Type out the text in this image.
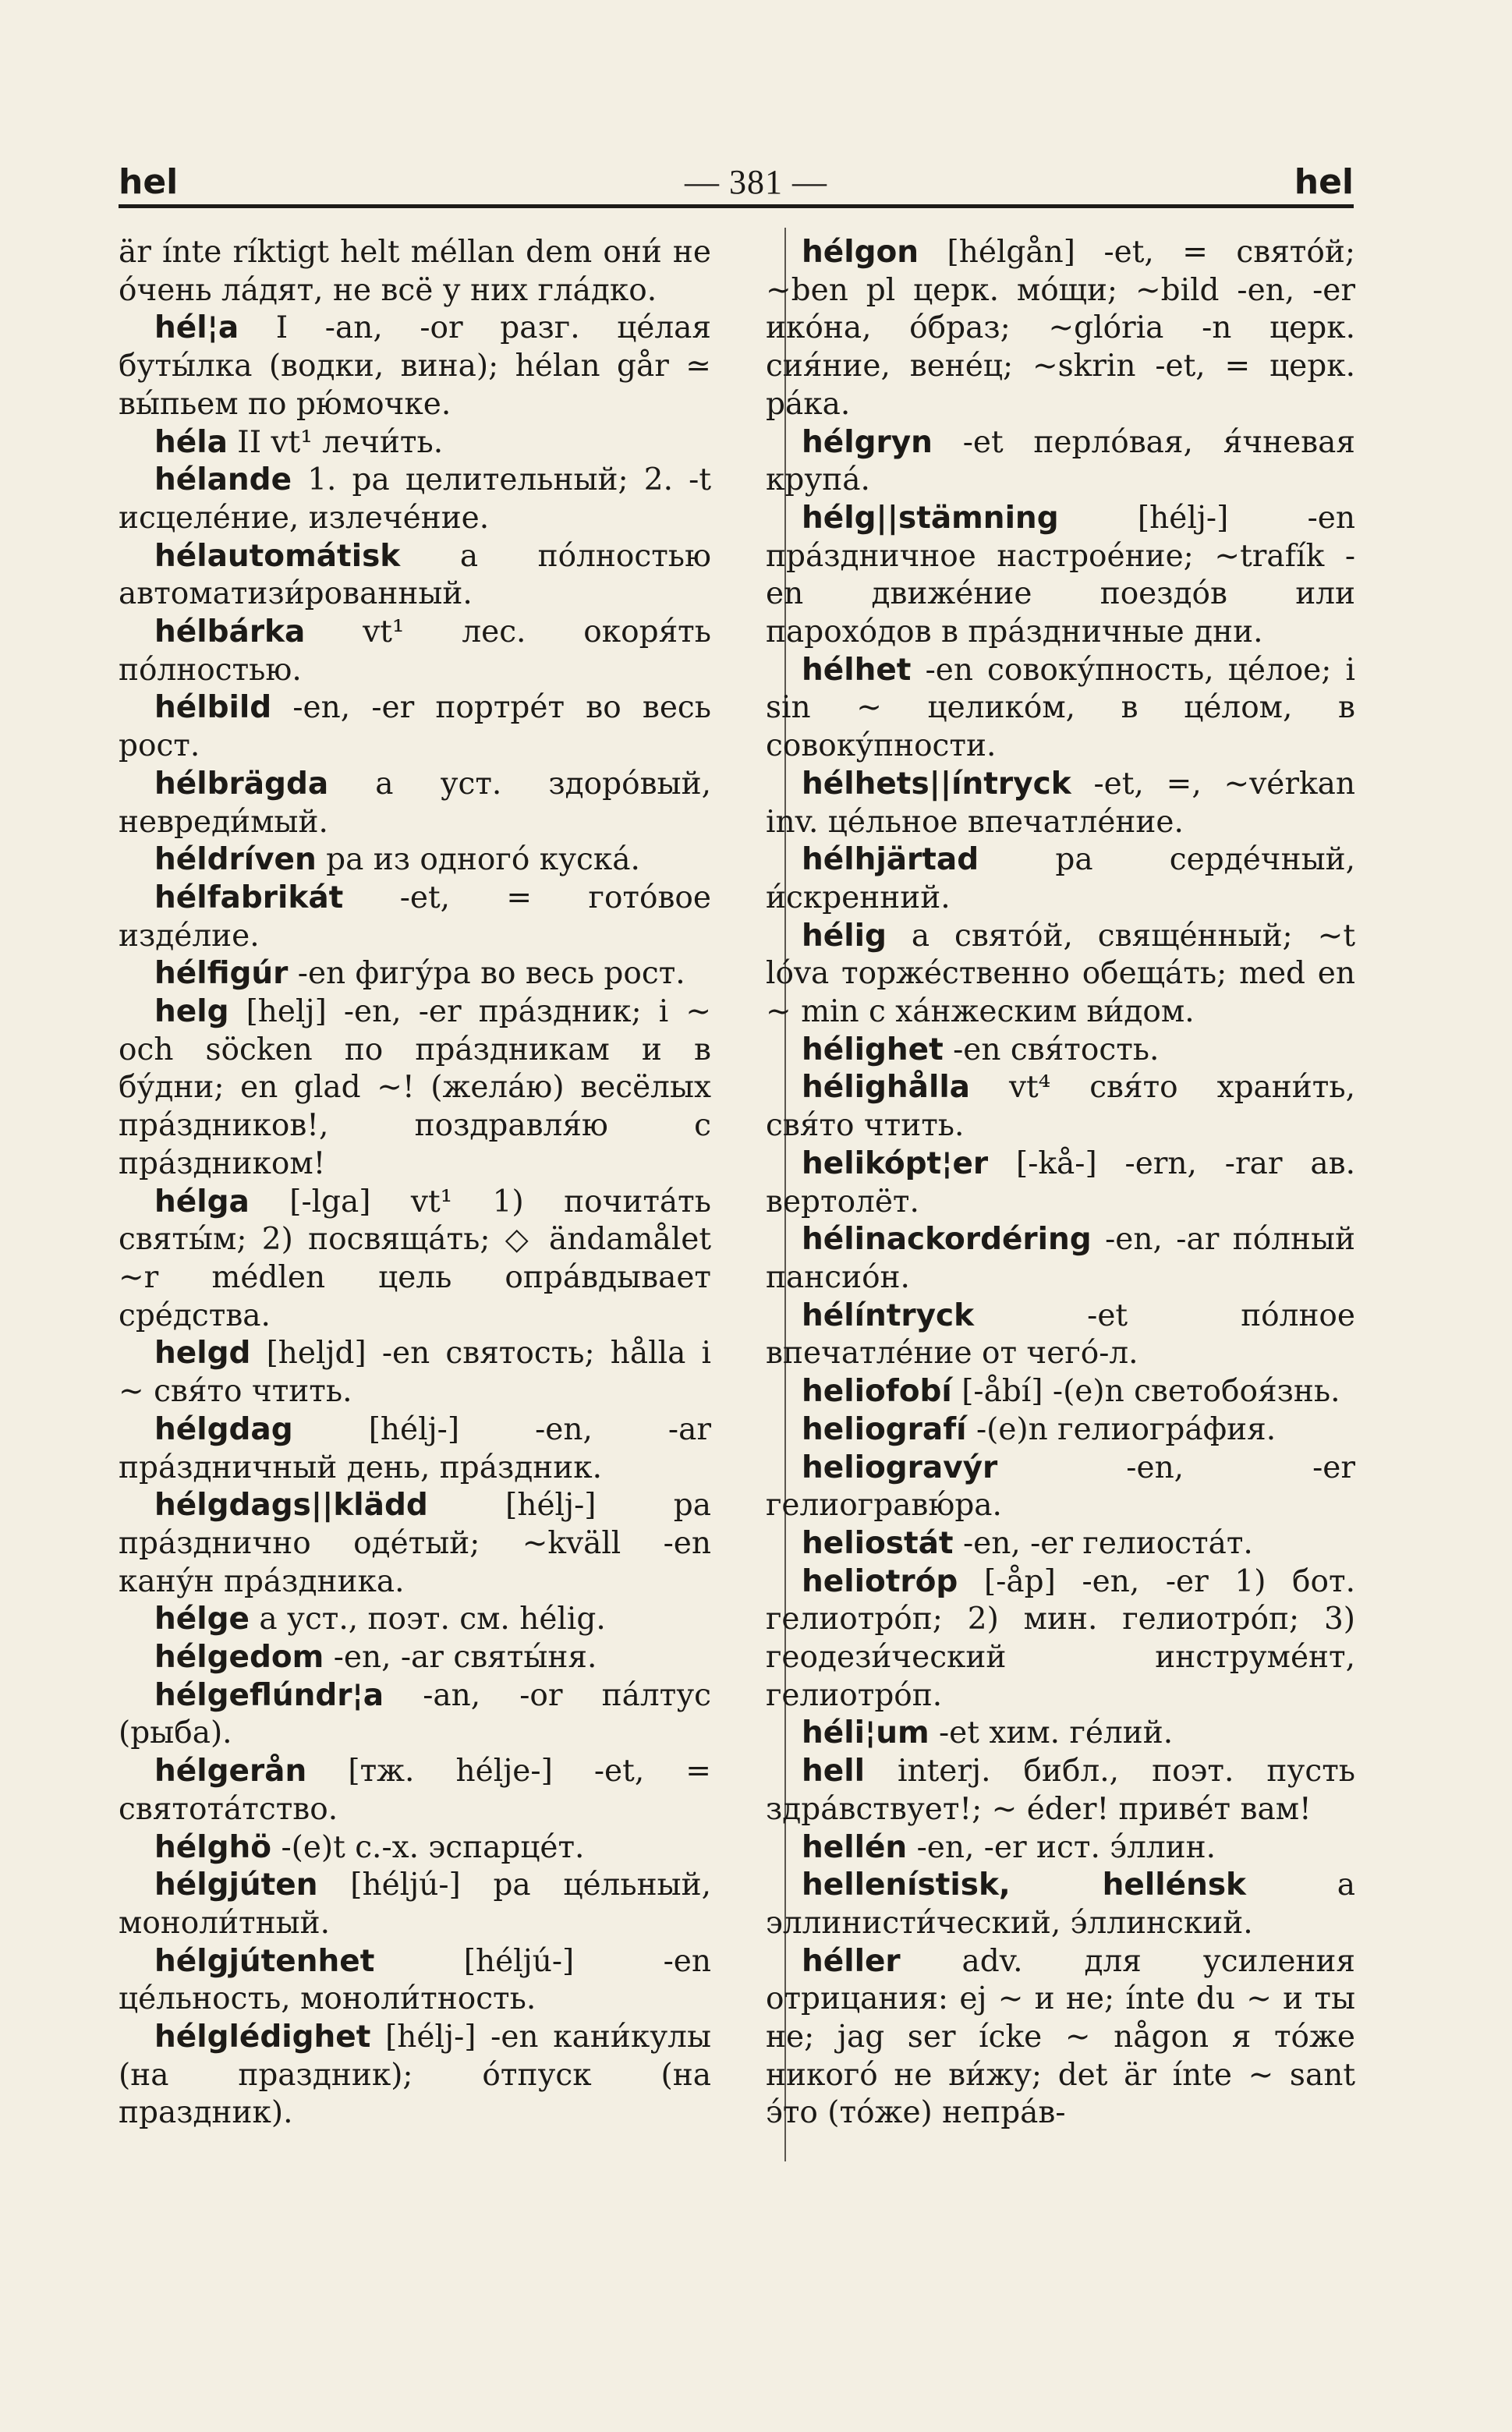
hel	— 381 —	hel

är ínte ríktigt helt méllan dem они́ не о́чень ла́дят, не всё у них гла́дко.

hél¦a I -an, -or разг. це́лая буты́лка (водки, вина); hélan går ≃ вы́пьем по рю́мочке.

héla II vt¹ лечи́ть.

hélande 1. pa целительный; 2. -t исцеле́ние, излече́ние.

hélautomátisk a по́лностью автоматизи́рованный.

hélbárka vt¹ лес. окоря́ть по́лностью.

hélbild -en, -er портре́т во весь рост.

hélbrägda a уст. здоро́вый, невреди́мый.

héldríven pa из одного́ куска́.

hélfabrikát -et, = гото́вое изде́лие.

hélfigúr -en фигу́ра во весь рост.

helg [helj] -en, -er пра́здник; i ~ och söcken по пра́здникам и в бу́дни; en glad ~! (жела́ю) весёлых пра́здников!, поздравля́ю с пра́здником!

hélga [-lga] vt¹ 1) почита́ть святы́м; 2) посвяща́ть; ◇ ändamålet ~r médlen цель опра́вдывает сре́дства.

helgd [heljd] -en святость; hålla i ~ свя́то чтить.

hélgdag [hélj-] -en, -ar пра́здничный день, пра́здник.

hélgdags||klädd [hélj-] pa пра́зднично оде́тый; ~kväll -en кану́н пра́здника.

hélge a уст., поэт. см. hélig.

hélgedom -en, -ar святы́ня.

hélgeflúndr¦a -an, -or па́лтус (рыба).

hélgerån [тж. hélje-] -et, = святота́тство.

hélghö -(e)t с.-х. эспарце́т.

hélgjúten [héljú-] pa це́льный, моноли́тный.

hélgjútenhet [héljú-] -en це́льность, моноли́тность.

hélglédighet [hélj-] -en кани́кулы (на праздник); о́тпуск (на праздник).

hélgon [hélgån] -et, = свято́й; ~ben pl церк. мо́щи; ~bild -en, -er ико́на, о́браз; ~glória -n церк. сия́ние, вене́ц; ~skrin -et, = церк. ра́ка.

hélgryn -et перло́вая, я́чневая крупа́.

hélg||stämning [hélj-] -en пра́здничное настрое́ние; ~trafík -en движе́ние поездо́в или парохо́дов в пра́здничные дни.

hélhet -en совоку́пность, це́лое; i sin ~ целико́м, в це́лом, в совоку́пности.

hélhets||íntryck -et, =, ~vérkan inv. це́льное впечатле́ние.

hélhjärtad pa серде́чный, и́скренний.

hélig a свято́й, свяще́нный; ~t lóva торже́ственно обеща́ть; med en ~ min с ха́нжеским ви́дом.

hélighet -en свя́тость.

hélighålla vt⁴ свя́то храни́ть, свя́то чтить.

helikópt¦er [-kå-] -ern, -rar ав. вертолёт.

hélinackordéring -en, -ar по́лный пансио́н.

hélíntryck -et по́лное впечатле́ние от чего́-л.

heliofobí [-åbí] -(e)n светобоя́знь.

heliografí -(e)n гелиогра́фия.

heliogravýr -en, -er гелиогравю́ра.

heliostát -en, -er гелиоста́т.

heliotróp [-åp] -en, -er 1) бот. гелиотро́п; 2) мин. гелиотро́п; 3) геодези́ческий инструме́нт, гелиотро́п.

héli¦um -et хим. ге́лий.

hell interj. библ., поэт. пусть здра́вствует!; ~ éder! приве́т вам!

hellén -en, -er ист. э́ллин.

hellenístisk, hellénsk a эллинисти́ческий, э́ллинский.

héller adv. для усиления отрицания: ej ~ и не; ínte du ~ и ты не; jag ser ícke ~ någon я то́же никого́ не ви́жу; det är ínte ~ sant э́то (то́же) непра́в-
